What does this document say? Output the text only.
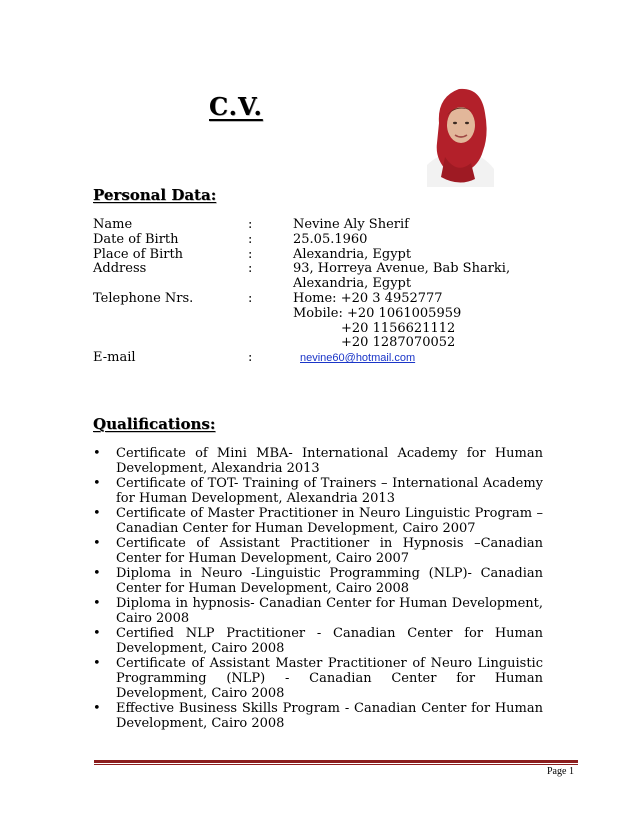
C.V.
Personal Data:
Name	:	Nevine Aly Sherif
Date of Birth	:	25.05.1960
Place of Birth	:	Alexandria, Egypt
Address	:	93, Horreya Avenue, Bab Sharki,
Alexandria, Egypt
Telephone Nrs.	:	Home: +20 3 4952777
Mobile: +20 1061005959
+20 1156621112
+20 1287070052
E-mail	:	nevine60@hotmail.com
Qualifications:
• Certificate of Mini MBA- International Academy for Human Development, Alexandria 2013
• Certificate of TOT- Training of Trainers – International Academy for Human Development, Alexandria 2013
• Certificate of Master Practitioner in Neuro Linguistic Program – Canadian Center for Human Development, Cairo 2007
• Certificate of Assistant Practitioner in Hypnosis –Canadian Center for Human Development, Cairo 2007
• Diploma in Neuro -Linguistic Programming (NLP)- Canadian Center for Human Development, Cairo 2008
• Diploma in hypnosis- Canadian Center for Human Development, Cairo 2008
• Certified NLP Practitioner - Canadian Center for Human Development, Cairo 2008
• Certificate of Assistant Master Practitioner of Neuro Linguistic Programming (NLP) - Canadian Center for Human Development, Cairo 2008
• Effective Business Skills Program - Canadian Center for Human Development, Cairo 2008
Page 1
